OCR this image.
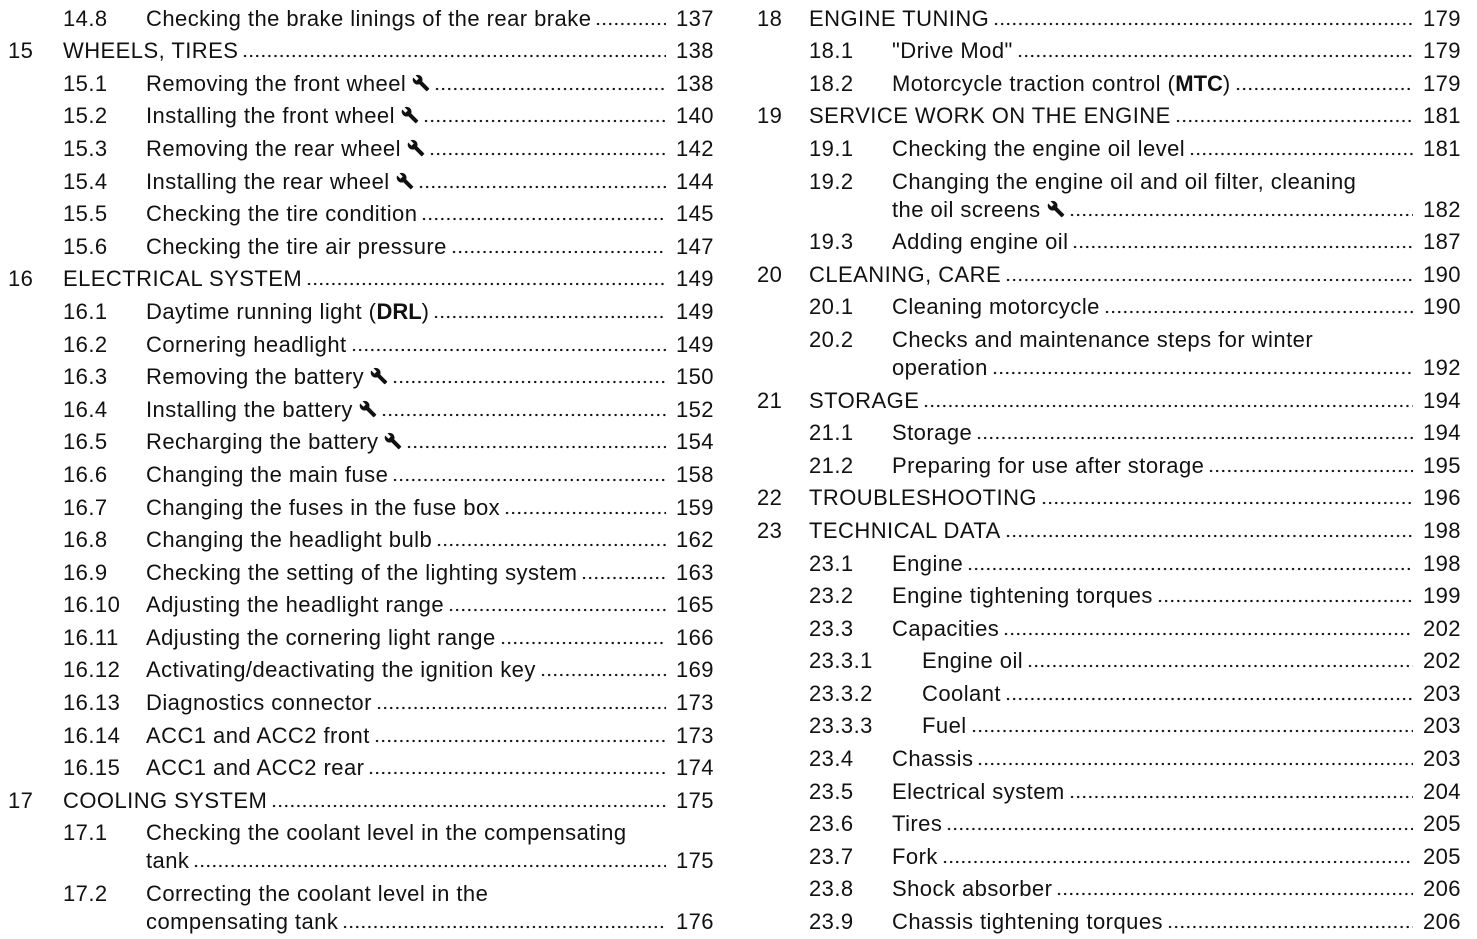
14.8	Checking the brake linings of the rear brake	137
15	WHEELS, TIRES	138
15.1	Removing the front wheel	138
15.2	Installing the front wheel	140
15.3	Removing the rear wheel	142
15.4	Installing the rear wheel	144
15.5	Checking the tire condition	145
15.6	Checking the tire air pressure	147
16	ELECTRICAL SYSTEM	149
16.1	Daytime running light ( DRL )	149
16.2	Cornering headlight	149
16.3	Removing the battery	150
16.4	Installing the battery	152
16.5	Recharging the battery	154
16.6	Changing the main fuse	158
16.7	Changing the fuses in the fuse box	159
16.8	Changing the headlight bulb	162
16.9	Checking the setting of the lighting system	163
16.10	Adjusting the headlight range	165
16.11	Adjusting the cornering light range	166
16.12	Activating/deactivating the ignition key	169
16.13	Diagnostics connector	173
16.14	ACC1 and ACC2 front	173
16.15	ACC1 and ACC2 rear	174
17	COOLING SYSTEM	175
17.1	Checking the coolant level in the compensating
tank	175
17.2	Correcting the coolant level in the
compensating tank	176
18	ENGINE TUNING	179
18.1	"Drive Mod"	179
18.2	Motorcycle traction control ( MTC )	179
19	SERVICE WORK ON THE ENGINE	181
19.1	Checking the engine oil level	181
19.2	Changing the engine oil and oil filter, cleaning
the oil screens	182
19.3	Adding engine oil	187
20	CLEANING, CARE	190
20.1	Cleaning motorcycle	190
20.2	Checks and maintenance steps for winter
operation	192
21	STORAGE	194
21.1	Storage	194
21.2	Preparing for use after storage	195
22	TROUBLESHOOTING	196
23	TECHNICAL DATA	198
23.1	Engine	198
23.2	Engine tightening torques	199
23.3	Capacities	202
23.3.1	Engine oil	202
23.3.2	Coolant	203
23.3.3	Fuel	203
23.4	Chassis	203
23.5	Electrical system	204
23.6	Tires	205
23.7	Fork	205
23.8	Shock absorber	206
23.9	Chassis tightening torques	206
